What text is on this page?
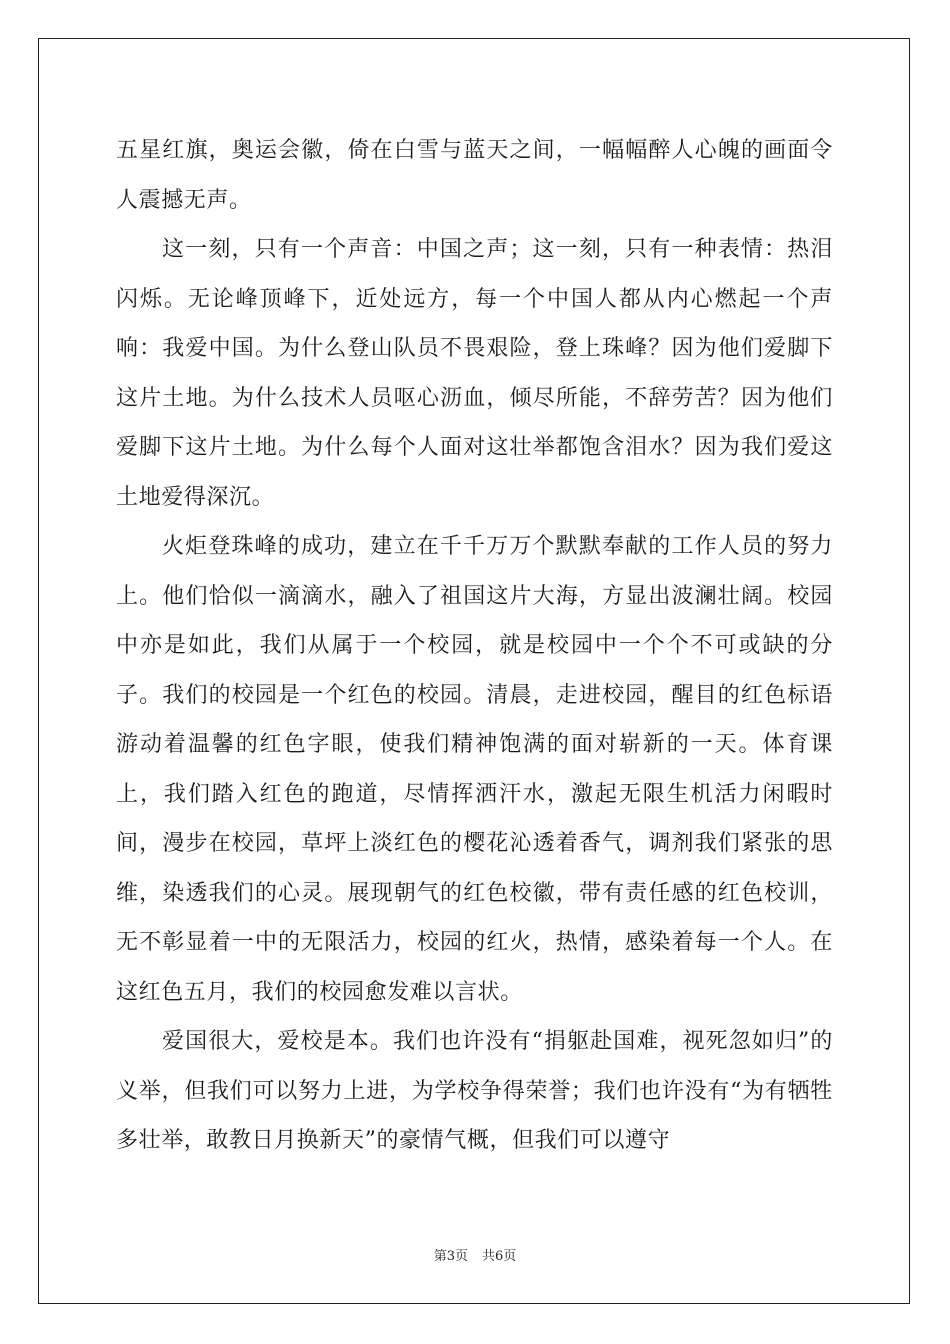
五星红旗，奥运会徽，倚在白雪与蓝天之间，一幅幅醉人心魄的画面令人震撼无声。

这一刻，只有一个声音：中国之声；这一刻，只有一种表情：热泪闪烁。无论峰顶峰下，近处远方，每一个中国人都从内心燃起一个声响：我爱中国。为什么登山队员不畏艰险，登上珠峰？因为他们爱脚下这片土地。为什么技术人员呕心沥血，倾尽所能，不辞劳苦？因为他们爱脚下这片土地。为什么每个人面对这壮举都饱含泪水？因为我们爱这土地爱得深沉。

火炬登珠峰的成功，建立在千千万万个默默奉献的工作人员的努力上。他们恰似一滴滴水，融入了祖国这片大海，方显出波澜壮阔。校园中亦是如此，我们从属于一个校园，就是校园中一个个不可或缺的分子。我们的校园是一个红色的校园。清晨，走进校园，醒目的红色标语游动着温馨的红色字眼，使我们精神饱满的面对崭新的一天。体育课上，我们踏入红色的跑道，尽情挥洒汗水，激起无限生机活力闲暇时间，漫步在校园，草坪上淡红色的樱花沁透着香气，调剂我们紧张的思维，染透我们的心灵。展现朝气的红色校徽，带有责任感的红色校训，无不彰显着一中的无限活力，校园的红火，热情，感染着每一个人。在这红色五月，我们的校园愈发难以言状。

爱国很大，爱校是本。我们也许没有“捐躯赴国难，视死忽如归”的义举，但我们可以努力上进，为学校争得荣誉；我们也许没有“为有牺牲多壮举，敢教日月换新天”的豪情气概，但我们可以遵守

第3页 共6页
